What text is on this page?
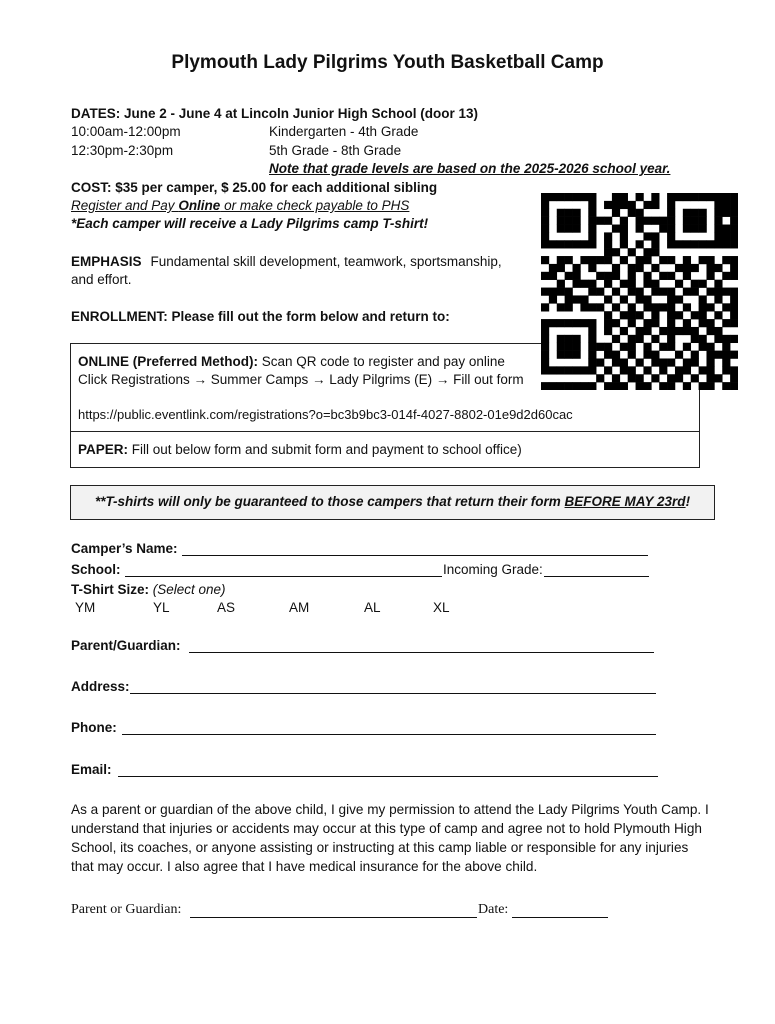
Plymouth Lady Pilgrims Youth Basketball Camp
DATES: June 2 - June 4 at Lincoln Junior High School (door 13)
10:00am-12:00pm	Kindergarten - 4th Grade
12:30pm-2:30pm	5th Grade - 8th Grade
Note that grade levels are based on the 2025-2026 school year.
COST: $35 per camper, $ 25.00 for each additional sibling
Register and Pay Online or make check payable to PHS
*Each camper will receive a Lady Pilgrims camp T-shirt!
EMPHASIS Fundamental skill development, teamwork, sportsmanship,
and effort.
ENROLLMENT: Please fill out the form below and return to:
ONLINE (Preferred Method): Scan QR code to register and pay online
Click Registrations → Summer Camps → Lady Pilgrims (E) → Fill out form
https://public.eventlink.com/registrations?o=bc3b9bc3-014f-4027-8802-01e9d2d60cac
PAPER: Fill out below form and submit form and payment to school office)
**T-shirts will only be guaranteed to those campers that return their form BEFORE MAY 23rd!
Camper’s Name:
School:	Incoming Grade:
T-Shirt Size: (Select one)
YM	YL	AS	AM	AL	XL
Parent/Guardian:
Address:
Phone:
Email:
As a parent or guardian of the above child, I give my permission to attend the Lady Pilgrims Youth Camp. I
understand that injuries or accidents may occur at this type of camp and agree not to hold Plymouth High
School, its coaches, or anyone assisting or instructing at this camp liable or responsible for any injuries
that may occur. I also agree that I have medical insurance for the above child.
Parent or Guardian:	Date:
